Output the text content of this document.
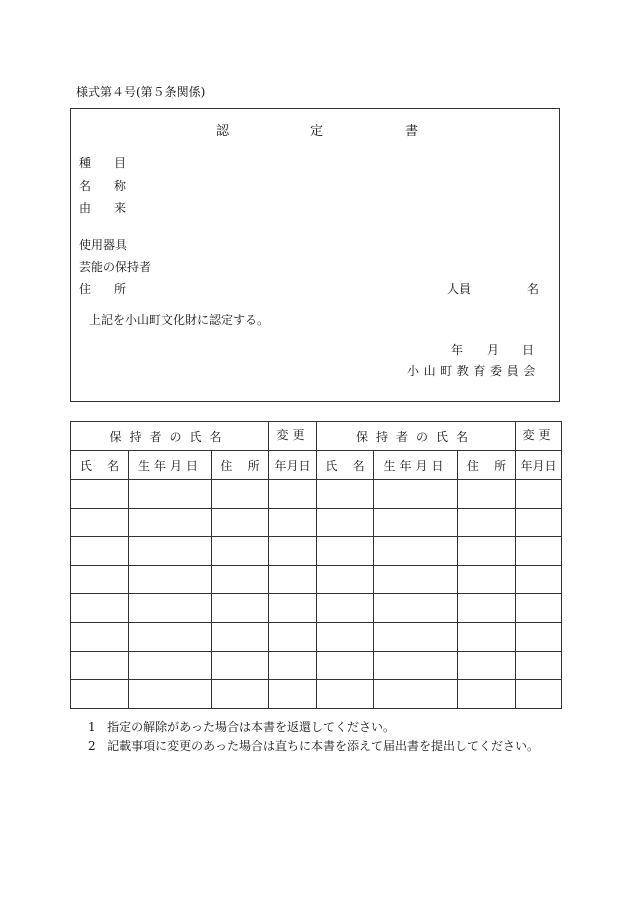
様式第４号(第５条関係)
認	定	書
種 目
名 称
由 来
使用器具
芸能の保持者
住 所	人員	名
上記を小山町文化財に認定する。
年 月 日
小山町教育委員会
保持者の氏名			変更	保持者の氏名			変更
氏 名	生年月日	住 所	年月日	氏 名	生年月日	住 所	年月日

1 指定の解除があった場合は本書を返還してください。
2 記載事項に変更のあった場合は直ちに本書を添えて届出書を提出してください。
